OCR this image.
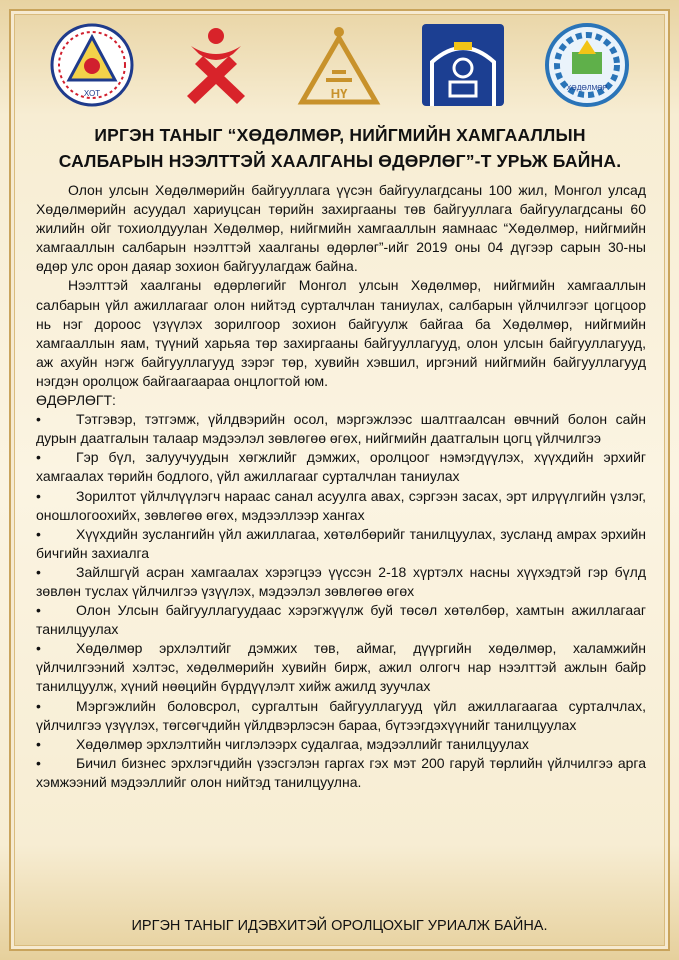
ХОТ	НҮ	ХӨДӨЛМӨР
ИРГЭН ТАНЫГ “ХӨДӨЛМӨР, НИЙГМИЙН ХАМГААЛЛЫН
САЛБАРЫН НЭЭЛТТЭЙ ХААЛГАНЫ ӨДӨРЛӨГ”-Т УРЬЖ БАЙНА.

Олон улсын Хөдөлмөрийн байгууллага үүсэн байгуулагдсаны 100 жил, Монгол улсад Хөдөлмөрийн асуудал хариуцсан төрийн захиргааны төв байгууллага байгуулагдсаны 60 жилийн ойг тохиолдуулан Хөдөлмөр, нийгмийн хамгааллын яамнаас “Хөдөлмөр, нийгмийн хамгааллын салбарын нээлттэй хаалганы өдөрлөг”-ийг 2019 оны 04 дүгээр сарын 30-ны өдөр улс орон даяар зохион байгуулагдаж байна.

Нээлттэй хаалганы өдөрлөгийг Монгол улсын Хөдөлмөр, нийгмийн хамгааллын салбарын үйл ажиллагааг олон нийтэд сурталчлан таниулах, салбарын үйлчилгээг цогцоор нь нэг дороос үзүүлэх зорилгоор зохион байгуулж байгаа ба Хөдөлмөр, нийгмийн хамгааллын яам, түүний харьяа төр захиргааны байгууллагууд, олон улсын байгууллагууд, аж ахуйн нэгж байгууллагууд зэрэг төр, хувийн хэвшил, иргэний нийгмийн байгууллагууд нэгдэн оролцож байгаагаараа онцлогтой юм.

ӨДӨРЛӨГТ:
•	Тэтгэвэр, тэтгэмж, үйлдвэрийн осол, мэргэжлээс шалтгаалсан өвчний болон сайн дурын даатгалын талаар мэдээлэл зөвлөгөө өгөх, нийгмийн даатгалын цогц үйлчилгээ
•	Гэр бүл, залуучуудын хөгжлийг дэмжих, оролцоог нэмэгдүүлэх, хүүхдийн эрхийг хамгаалах төрийн бодлого, үйл ажиллагааг сурталчлан таниулах
•	Зорилтот үйлчлүүлэгч нараас санал асуулга авах, сэргээн засах, эрт илрүүлгийн үзлэг, оношлогоохийх, зөвлөгөө өгөх, мэдээллээр хангах
•	Хүүхдийн зуслангийн үйл ажиллагаа, хөтөлбөрийг танилцуулах, зусланд амрах эрхийн бичгийн захиалга
•	Зайлшгүй асран хамгаалах хэрэгцээ үүссэн 2-18 хүртэлх насны хүүхэдтэй гэр бүлд зөвлөн туслах үйлчилгээ үзүүлэх, мэдээлэл зөвлөгөө өгөх
•	Олон Улсын байгууллагуудаас хэрэгжүүлж буй төсөл хөтөлбөр, хамтын ажиллагааг танилцуулах
•	Хөдөлмөр эрхлэлтийг дэмжих төв, аймаг, дүүргийн хөдөлмөр, халамжийн үйлчилгээний хэлтэс, хөдөлмөрийн хувийн бирж, ажил олгогч нар нээлттэй ажлын байр танилцуулж, хүний нөөцийн бүрдүүлэлт хийж ажилд зуучлах
•	Мэргэжлийн боловсрол, сургалтын байгууллагууд үйл ажиллагаагаа сурталчлах, үйлчилгээ үзүүлэх, төгсөгчдийн үйлдвэрлэсэн бараа, бүтээгдэхүүнийг танилцуулах
•	Хөдөлмөр эрхлэлтийн чиглэлээрх судалгаа, мэдээллийг танилцуулах
•	Бичил бизнес эрхлэгчдийн үзэсгэлэн гаргах гэх мэт 200 гаруй төрлийн үйлчилгээ арга хэмжээний мэдээллийг олон нийтэд танилцуулна.
ИРГЭН ТАНЫГ ИДЭВХИТЭЙ ОРОЛЦОХЫГ УРИАЛЖ БАЙНА.
